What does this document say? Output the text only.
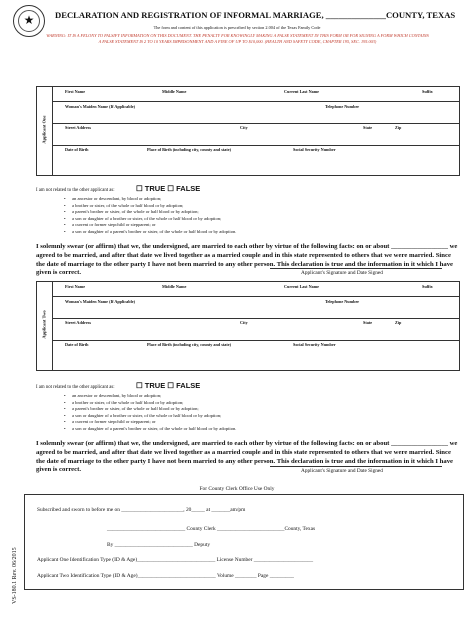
★	DECLARATION AND REGISTRATION OF INFORMAL MARRIAGE, ______________COUNTY, TEXAS
The form and content of this application is prescribed by section 2.004 of the Texas Family Code
WARNING: IT IS A FELONY TO FALSIFY INFORMATION ON THIS DOCUMENT. THE PENALTY FOR KNOWINGLY MAKING A FALSE STATEMENT IN THIS FORM OR FOR SIGNING A FORM WHICH CONTAINS A FALSE STATEMENT IS 2 TO 10 YEARS IMPRISONMENT AND A FINE OF UP TO $10,000. (HEALTH AND SAFETY CODE, CHAPTER 195, SEC. 195.003)
Applicant One
First Name	Middle Name	Current Last Name	Suffix
Woman's Maiden Name (If Applicable)	Telephone Number
Street Address	City	State	Zip
Date of Birth	Place of Birth (including city, county and state)	Social Security Number
I am not related to the other applicant as:	☐ TRUE ☐ FALSE
• an ancestor or descendant, by blood or adoption;
• a brother or sister, of the whole or half blood or by adoption;
• a parent's brother or sister, of the whole or half blood or by adoption;
• a son or daughter of a brother or sister, of the whole or half blood or by adoption;
• a current or former stepchild or stepparent; or
• a son or daughter of a parent's brother or sister, of the whole or half blood or by adoption.
I solemnly swear (or affirm) that we, the undersigned, are married to each other by virtue of the following facts: on or about _________________ we agreed to be married, and after that date we lived together as a married couple and in this state represented to others that we were married. Since the date of marriage to the other party I have not been married to any other person. This declaration is true and the information in it which I have given is correct.	Applicant's Signature and Date Signed
Applicant Two
First Name	Middle Name	Current Last Name	Suffix
Woman's Maiden Name (If Applicable)	Telephone Number
Street Address	City	State	Zip
Date of Birth	Place of Birth (including city, county and state)	Social Security Number
I am not related to the other applicant as:	☐ TRUE ☐ FALSE
• an ancestor or descendant, by blood or adoption;
• a brother or sister, of the whole or half blood or by adoption;
• a parent's brother or sister, of the whole or half blood or by adoption;
• a son or daughter of a brother or sister, of the whole or half blood or by adoption;
• a current or former stepchild or stepparent; or
• a son or daughter of a parent's brother or sister, of the whole or half blood or by adoption.
I solemnly swear (or affirm) that we, the undersigned, are married to each other by virtue of the following facts: on or about _________________ we agreed to be married, and after that date we lived together as a married couple and in this state represented to others that we were married. Since the date of marriage to the other party I have not been married to any other person. This declaration is true and the information in it which I have given is correct.	Applicant's Signature and Date Signed
For County Clerk Office Use Only
Subscribed and sworn to before me on _______________________, 20_____ at _______am/pm
_____________________________ County Clerk _________________________County, Texas
By _____________________________ Deputy
Applicant One Identification Type (ID & Age)_____________________________ License Number ______________________
Applicant Two Identification Type (ID & Age)_____________________________ Volume ________ Page _________
VS-180.1 Rev. 06/2015
